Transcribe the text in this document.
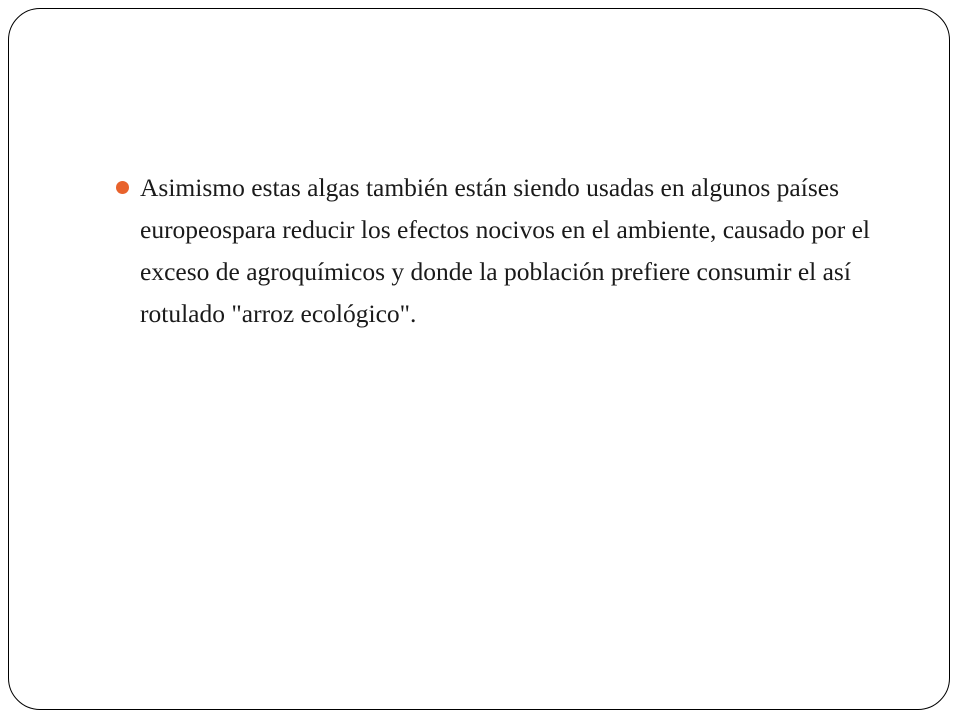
Asimismo estas algas también están siendo usadas en algunos países europeospara reducir los efectos nocivos en el ambiente, causado por el exceso de agroquímicos y donde la población prefiere consumir el así rotulado "arroz ecológico".
